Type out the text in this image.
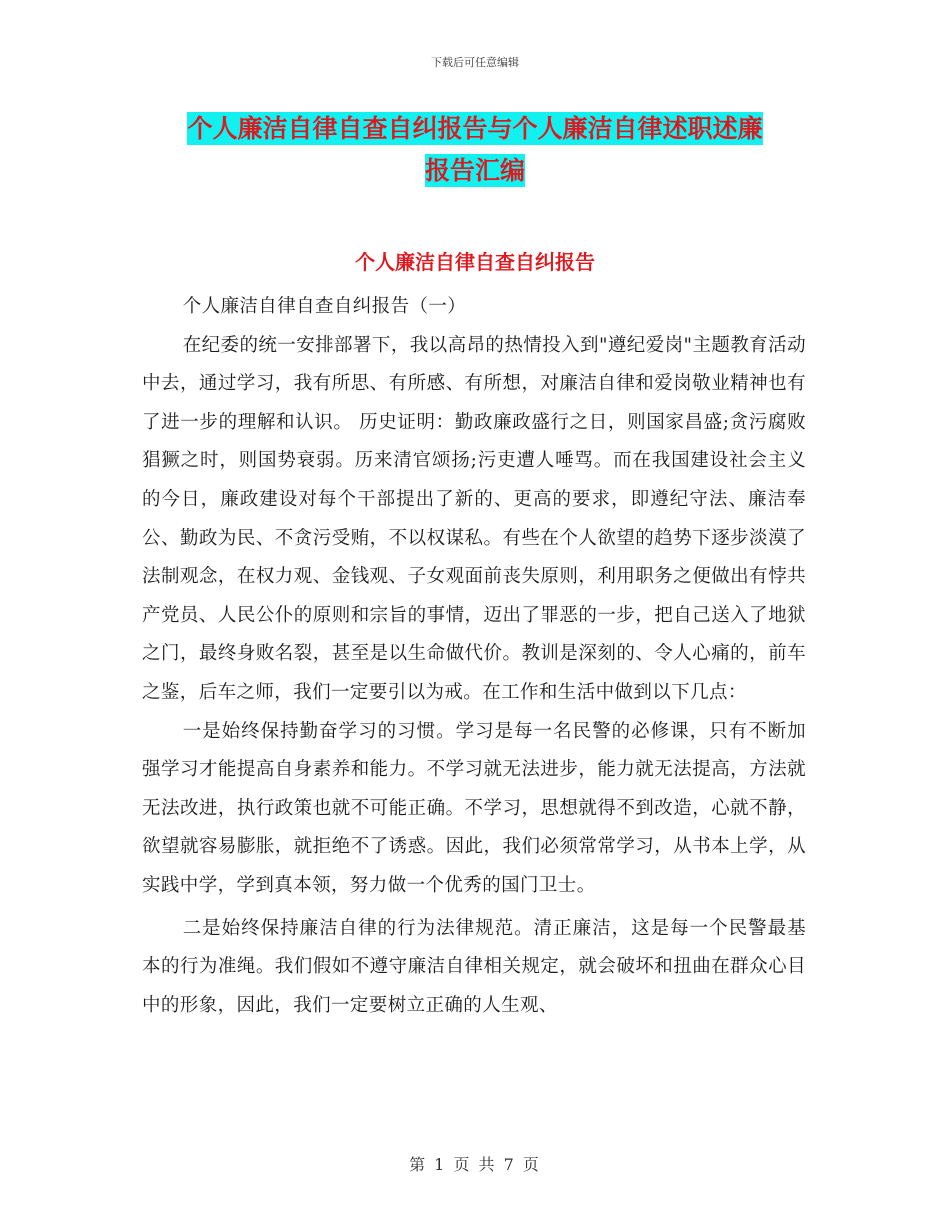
下载后可任意编辑
个人廉洁自律自查自纠报告与个人廉洁自律述职述廉
报告汇编
个人廉洁自律自查自纠报告

个人廉洁自律自查自纠报告（一）

在纪委的统一安排部署下，我以高昂的热情投入到"遵纪爱岗"主题教育活动中去，通过学习，我有所思、有所感、有所想，对廉洁自律和爱岗敬业精神也有了进一步的理解和认识。 历史证明：勤政廉政盛行之日，则国家昌盛;贪污腐败猖獗之时，则国势衰弱。历来清官颂扬;污吏遭人唾骂。而在我国建设社会主义的今日，廉政建设对每个干部提出了新的、更高的要求，即遵纪守法、廉洁奉公、勤政为民、不贪污受贿，不以权谋私。有些在个人欲望的趋势下逐步淡漠了法制观念，在权力观、金钱观、子女观面前丧失原则，利用职务之便做出有悖共产党员、人民公仆的原则和宗旨的事情，迈出了罪恶的一步，把自己送入了地狱之门，最终身败名裂，甚至是以生命做代价。教训是深刻的、令人心痛的，前车之鉴，后车之师，我们一定要引以为戒。在工作和生活中做到以下几点：

一是始终保持勤奋学习的习惯。学习是每一名民警的必修课，只有不断加强学习才能提高自身素养和能力。不学习就无法进步，能力就无法提高，方法就无法改进，执行政策也就不可能正确。不学习，思想就得不到改造，心就不静，欲望就容易膨胀，就拒绝不了诱惑。因此，我们必须常常学习，从书本上学，从实践中学，学到真本领，努力做一个优秀的国门卫士。

二是始终保持廉洁自律的行为法律规范。清正廉洁，这是每一个民警最基本的行为准绳。我们假如不遵守廉洁自律相关规定，就会破坏和扭曲在群众心目中的形象，因此，我们一定要树立正确的人生观、

第 1 页 共 7 页
